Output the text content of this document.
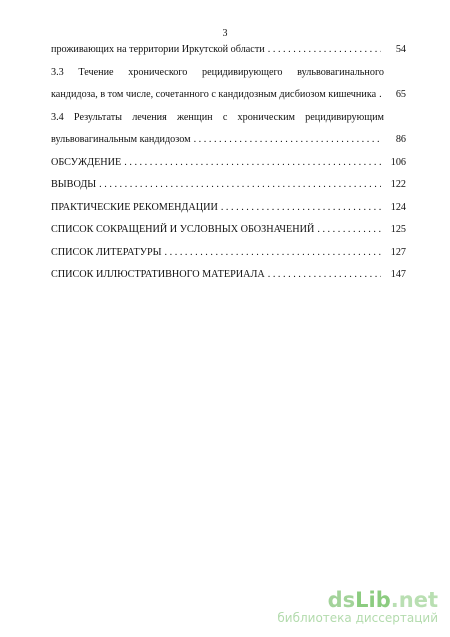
3
проживающих на территории Иркутской области . . .	54
3.3 Течение хронического рецидивирующего вульвовагинального
кандидоза, в том числе, сочетанного с кандидозным дисбиозом кишечника . . .	65
3.4 Результаты лечения женщин с хроническим рецидивирующим
вульвовагинальным кандидозом . . .	86
ОБСУЖДЕНИЕ . . .	106
ВЫВОДЫ . . .	122
ПРАКТИЧЕСКИЕ РЕКОМЕНДАЦИИ . . .	124
СПИСОК СОКРАЩЕНИЙ И УСЛОВНЫХ ОБОЗНАЧЕНИЙ . . .	125
СПИСОК ЛИТЕРАТУРЫ . . .	127
СПИСОК ИЛЛЮСТРАТИВНОГО МАТЕРИАЛА . . .	147
dsLib.net
библиотека диссертаций
